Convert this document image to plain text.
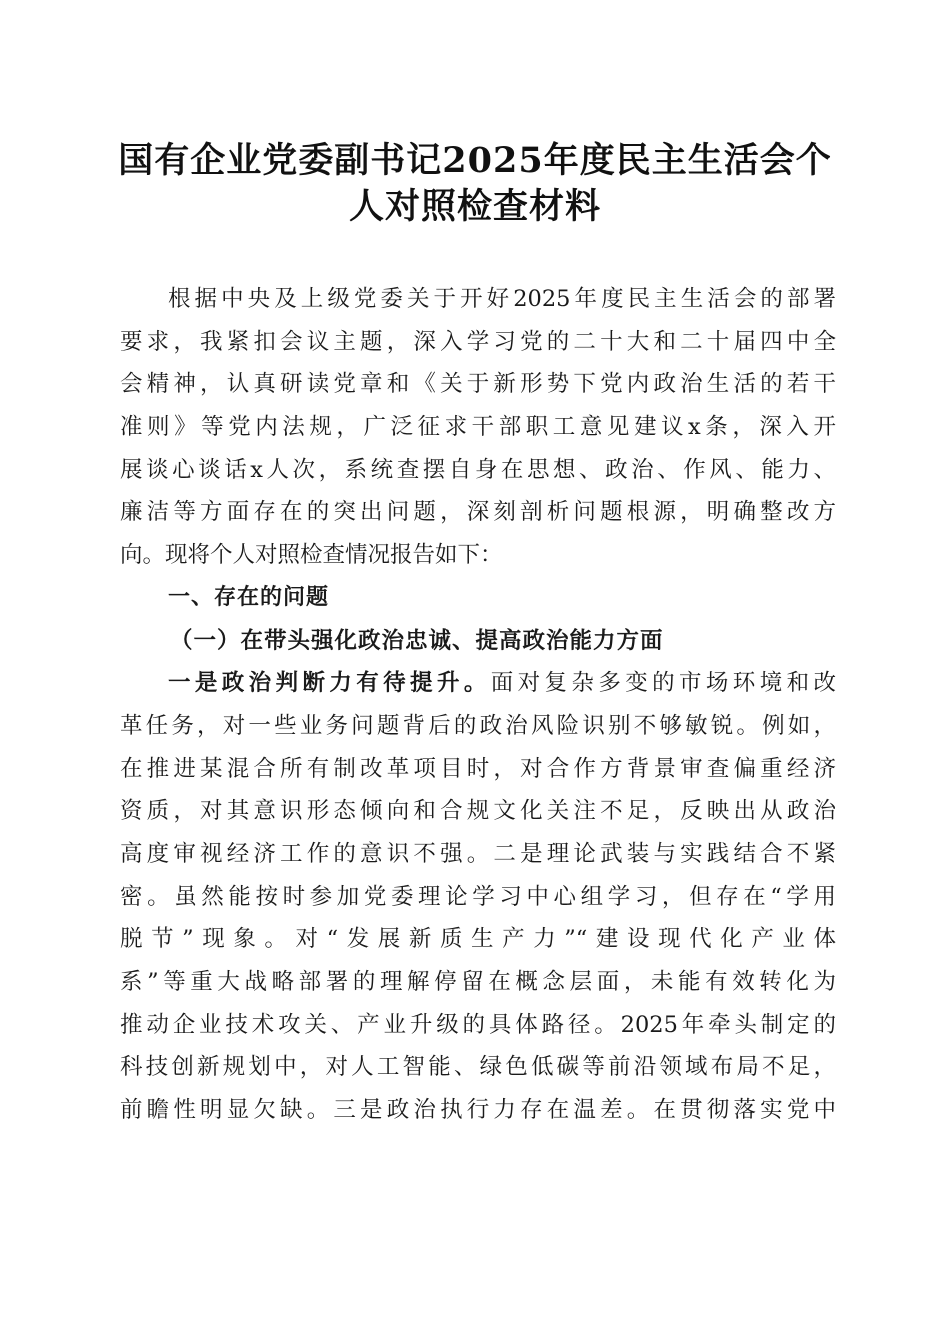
国有企业党委副书记2025年度民主生活会个
人对照检查材料
根据中央及上级党委关于开好2025年度民主生活会的部署
要求，我紧扣会议主题，深入学习党的二十大和二十届四中全
会精神，认真研读党章和《关于新形势下党内政治生活的若干
准则》等党内法规，广泛征求干部职工意见建议x条，深入开
展谈心谈话x人次，系统查摆自身在思想、政治、作风、能力、
廉洁等方面存在的突出问题，深刻剖析问题根源，明确整改方
向。现将个人对照检查情况报告如下：
一、存在的问题
（一）在带头强化政治忠诚、提高政治能力方面
一是政治判断力有待提升。面对复杂多变的市场环境和改
革任务，对一些业务问题背后的政治风险识别不够敏锐。例如，
在推进某混合所有制改革项目时，对合作方背景审查偏重经济
资质，对其意识形态倾向和合规文化关注不足，反映出从政治
高度审视经济工作的意识不强。二是理论武装与实践结合不紧
密。虽然能按时参加党委理论学习中心组学习，但存在“学用
脱节”现象。对“发展新质生产力”“建设现代化产业体
系”等重大战略部署的理解停留在概念层面，未能有效转化为
推动企业技术攻关、产业升级的具体路径。2025年牵头制定的
科技创新规划中，对人工智能、绿色低碳等前沿领域布局不足，
前瞻性明显欠缺。三是政治执行力存在温差。在贯彻落实党中
